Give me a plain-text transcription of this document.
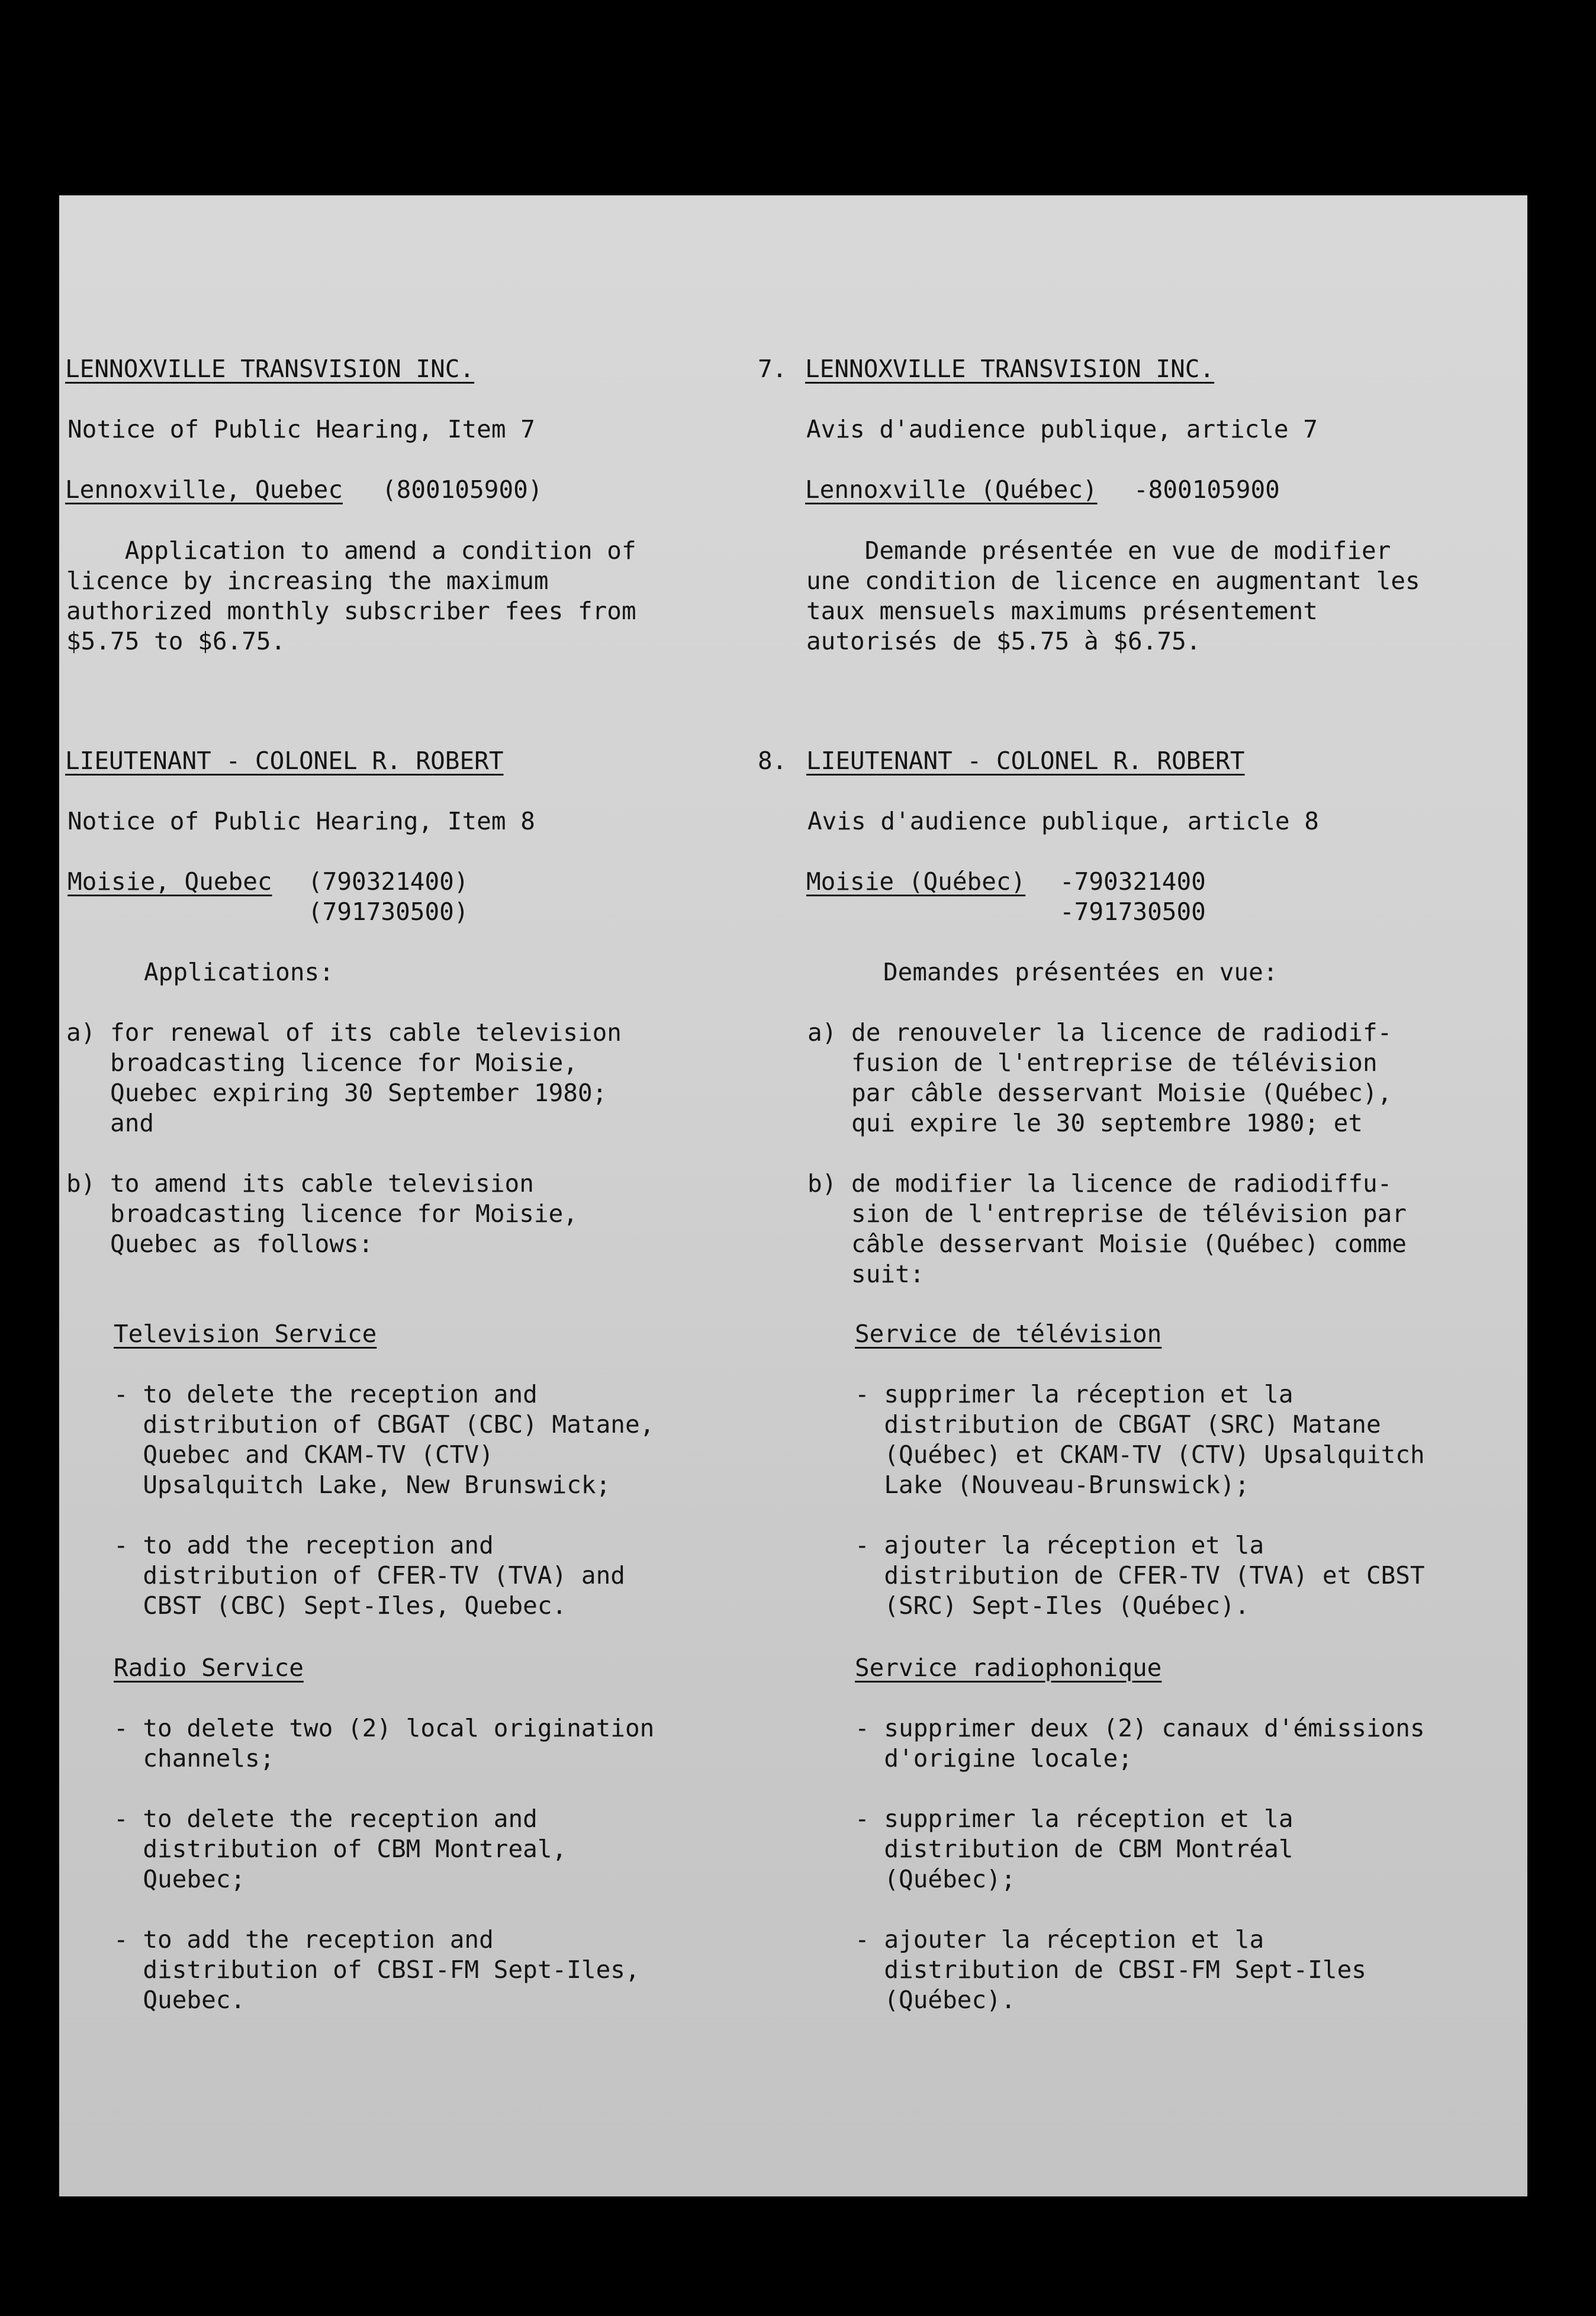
LENNOXVILLE TRANSVISION INC.

Notice of Public Hearing, Item 7

Lennoxville, Quebec

(800105900)

Application to amend a condition of

licence by increasing the maximum

authorized monthly subscriber fees from

$5.75 to $6.75.

LIEUTENANT - COLONEL R. ROBERT

Notice of Public Hearing, Item 8

Moisie, Quebec

(790321400)

(791730500)

Applications:

a) for renewal of its cable television

broadcasting licence for Moisie,

Quebec expiring 30 September 1980;

and

b) to amend its cable television

broadcasting licence for Moisie,

Quebec as follows:

Television Service

- to delete the reception and

distribution of CBGAT (CBC) Matane,

Quebec and CKAM-TV (CTV)

Upsalquitch Lake, New Brunswick;

- to add the reception and

distribution of CFER-TV (TVA) and

CBST (CBC) Sept-Iles, Quebec.

Radio Service

- to delete two (2) local origination

channels;

- to delete the reception and

distribution of CBM Montreal,

Quebec;

- to add the reception and

distribution of CBSI-FM Sept-Iles,

Quebec.

7.

LENNOXVILLE TRANSVISION INC.

Avis d'audience publique, article 7

Lennoxville (Québec)

-800105900

Demande présentée en vue de modifier

une condition de licence en augmentant les

taux mensuels maximums présentement

autorisés de $5.75 à $6.75.

8.

LIEUTENANT - COLONEL R. ROBERT

Avis d'audience publique, article 8

Moisie (Québec)

-790321400

-791730500

Demandes présentées en vue:

a) de renouveler la licence de radiodif-

fusion de l'entreprise de télévision

par câble desservant Moisie (Québec),

qui expire le 30 septembre 1980; et

b) de modifier la licence de radiodiffu-

sion de l'entreprise de télévision par

câble desservant Moisie (Québec) comme

suit:

Service de télévision

- supprimer la réception et la

distribution de CBGAT (SRC) Matane

(Québec) et CKAM-TV (CTV) Upsalquitch

Lake (Nouveau-Brunswick);

- ajouter la réception et la

distribution de CFER-TV (TVA) et CBST

(SRC) Sept-Iles (Québec).

Service radiophonique

- supprimer deux (2) canaux d'émissions

d'origine locale;

- supprimer la réception et la

distribution de CBM Montréal

(Québec);

- ajouter la réception et la

distribution de CBSI-FM Sept-Iles

(Québec).
